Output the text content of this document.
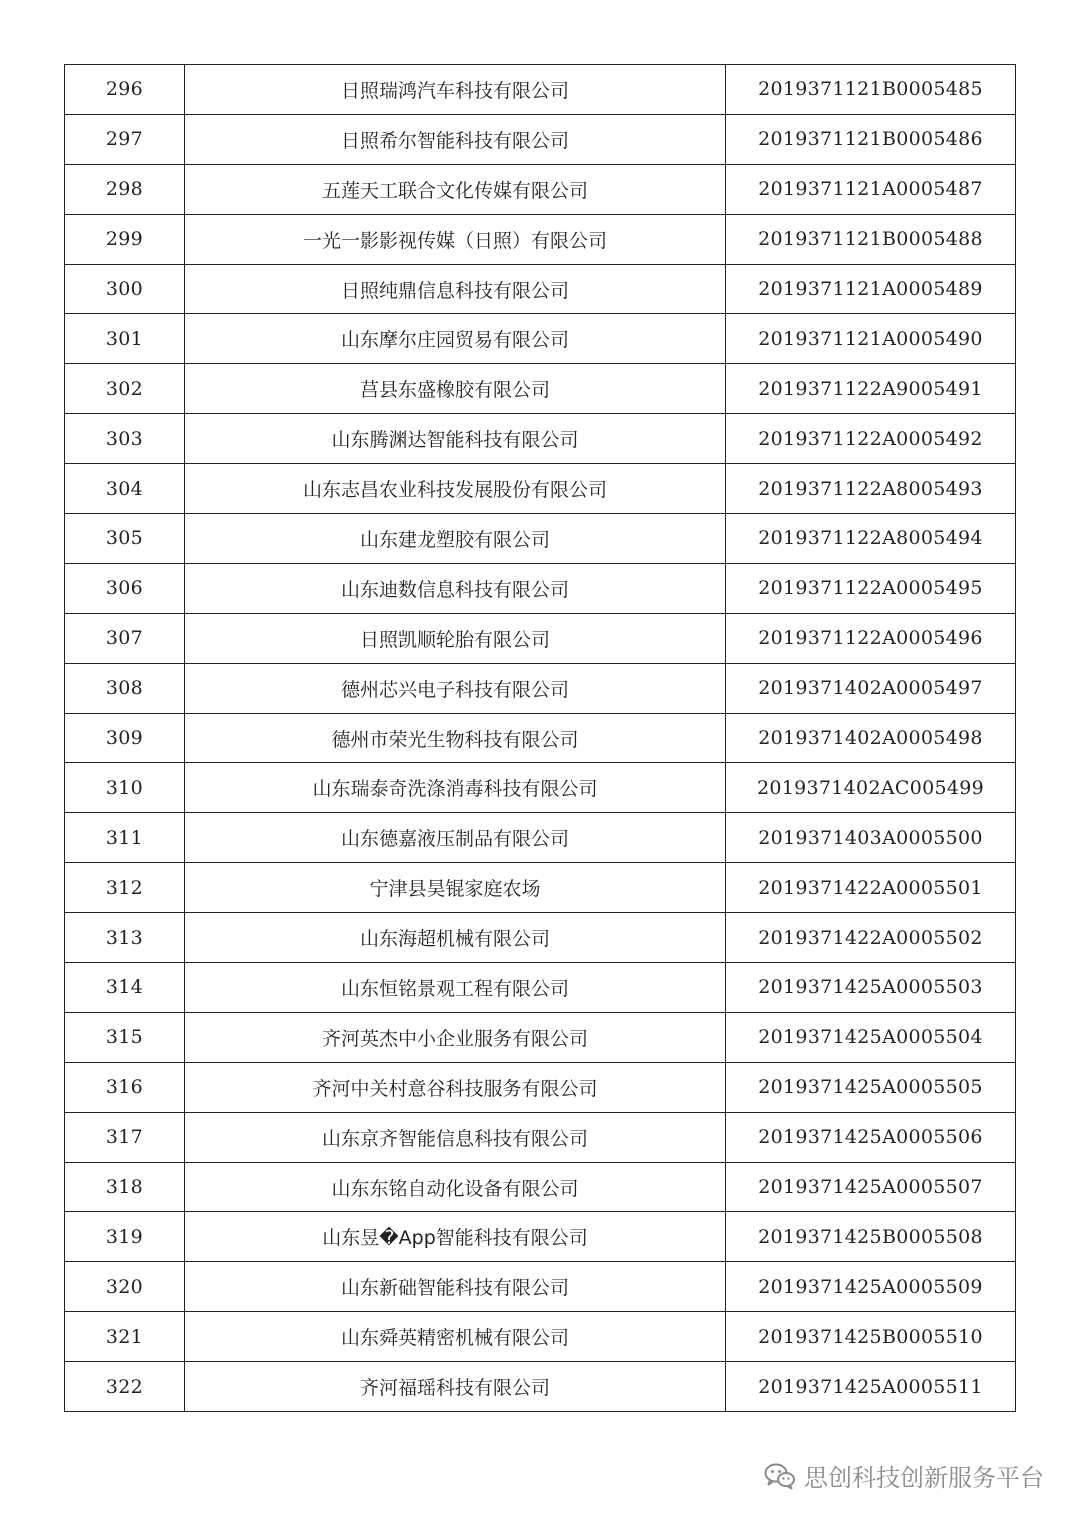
296	日照瑞鸿汽车科技有限公司	2019371121B0005485
297	日照希尔智能科技有限公司	2019371121B0005486
298	五莲天工联合文化传媒有限公司	2019371121A0005487
299	一光一影影视传媒（日照）有限公司	2019371121B0005488
300	日照纯鼎信息科技有限公司	2019371121A0005489
301	山东摩尔庄园贸易有限公司	2019371121A0005490
302	莒县东盛橡胶有限公司	2019371122A9005491
303	山东腾渊达智能科技有限公司	2019371122A0005492
304	山东志昌农业科技发展股份有限公司	2019371122A8005493
305	山东建龙塑胶有限公司	2019371122A8005494
306	山东迪数信息科技有限公司	2019371122A0005495
307	日照凯顺轮胎有限公司	2019371122A0005496
308	德州芯兴电子科技有限公司	2019371402A0005497
309	德州市荣光生物科技有限公司	2019371402A0005498
310	山东瑞泰奇洗涤消毒科技有限公司	2019371402AC005499
311	山东德嘉液压制品有限公司	2019371403A0005500
312	宁津县昊锟家庭农场	2019371422A0005501
313	山东海超机械有限公司	2019371422A0005502
314	山东恒铭景观工程有限公司	2019371425A0005503
315	齐河英杰中小企业服务有限公司	2019371425A0005504
316	齐河中关村意谷科技服务有限公司	2019371425A0005505
317	山东京齐智能信息科技有限公司	2019371425A0005506
318	山东东铭自动化设备有限公司	2019371425A0005507
319	山东昱�App智能科技有限公司	2019371425B0005508
320	山东新础智能科技有限公司	2019371425A0005509
321	山东舜英精密机械有限公司	2019371425B0005510
322	齐河福瑶科技有限公司	2019371425A0005511
思创科技创新服务平台
